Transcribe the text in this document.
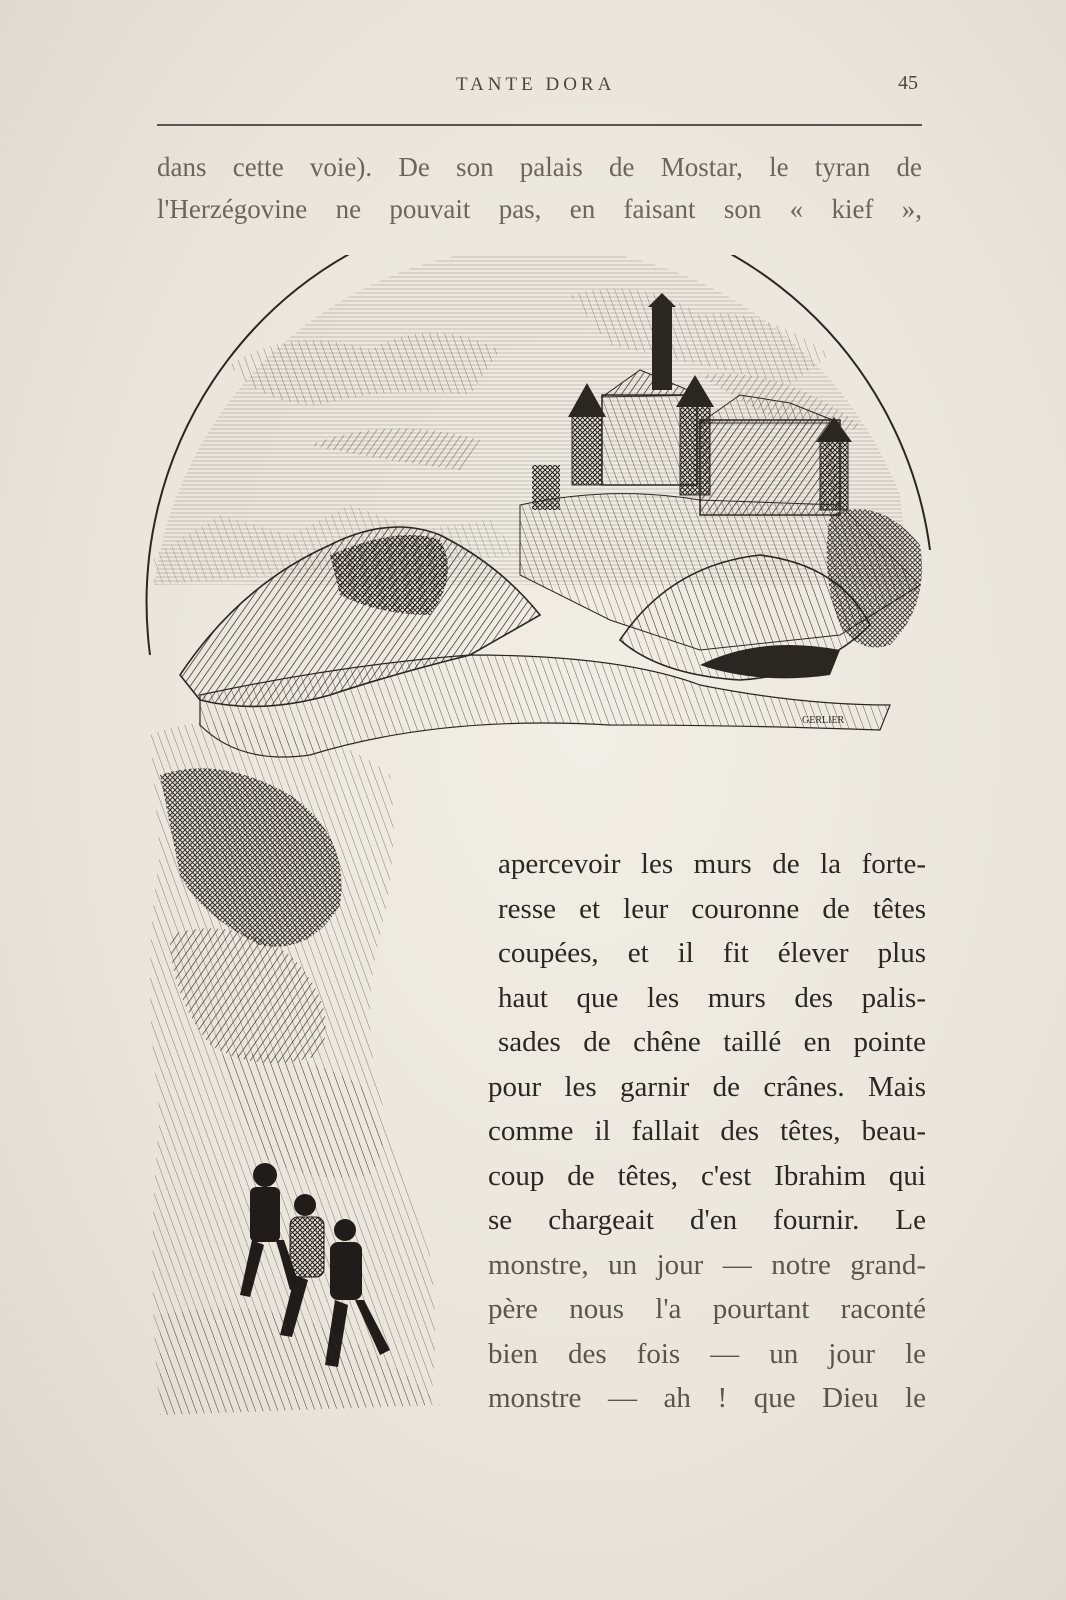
TANTE DORA	45
dans cette voie). De son palais de Mostar, le tyran de
l'Herzégovine ne pouvait pas, en faisant son « kief »,
GERLIER
apercevoir les murs de la forte-
resse et leur couronne de têtes
coupées, et il fit élever plus
haut que les murs des palis-
sades de chêne taillé en pointe
pour les garnir de crânes. Mais
comme il fallait des têtes, beau-
coup de têtes, c'est Ibrahim qui
se chargeait d'en fournir. Le
monstre, un jour — notre grand-
père nous l'a pourtant raconté
bien des fois — un jour le
monstre — ah ! que Dieu le
